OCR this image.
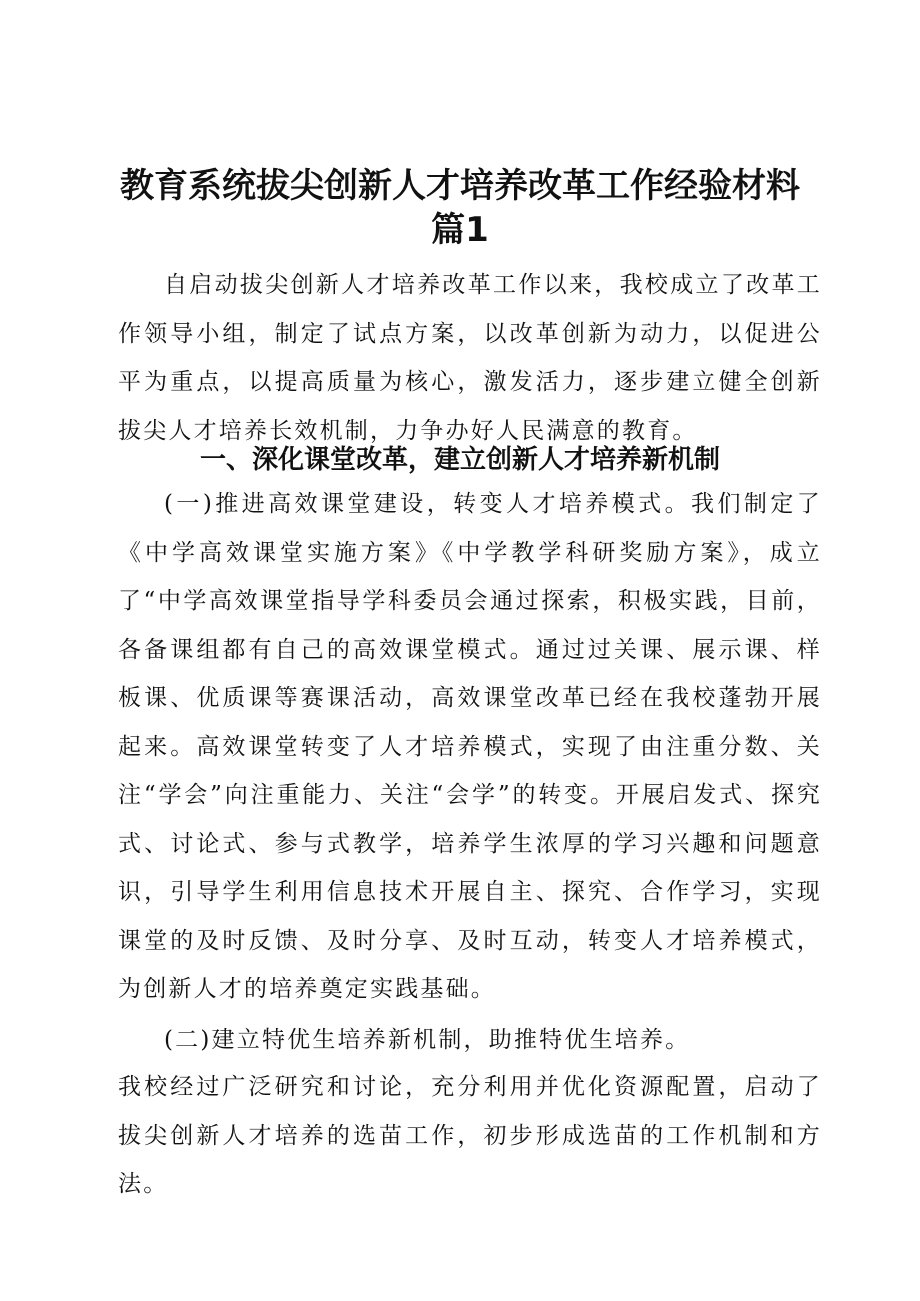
教育系统拔尖创新人才培养改革工作经验材料
篇1

自启动拔尖创新人才培养改革工作以来，我校成立了改革工作领导小组，制定了试点方案，以改革创新为动力，以促进公平为重点，以提高质量为核心，激发活力，逐步建立健全创新拔尖人才培养长效机制，力争办好人民满意的教育。

一、深化课堂改革，建立创新人才培养新机制

(一)推进高效课堂建设，转变人才培养模式。我们制定了《中学高效课堂实施方案》《中学教学科研奖励方案》，成立了“中学高效课堂指导学科委员会通过探索，积极实践，目前，各备课组都有自己的高效课堂模式。通过过关课、展示课、样板课、优质课等赛课活动，高效课堂改革已经在我校蓬勃开展起来。高效课堂转变了人才培养模式，实现了由注重分数、关注“学会”向注重能力、关注“会学”的转变。开展启发式、探究式、讨论式、参与式教学，培养学生浓厚的学习兴趣和问题意识，引导学生利用信息技术开展自主、探究、合作学习，实现课堂的及时反馈、及时分享、及时互动，转变人才培养模式，为创新人才的培养奠定实践基础。

(二)建立特优生培养新机制，助推特优生培养。

我校经过广泛研究和讨论，充分利用并优化资源配置，启动了拔尖创新人才培养的选苗工作，初步形成选苗的工作机制和方法。
